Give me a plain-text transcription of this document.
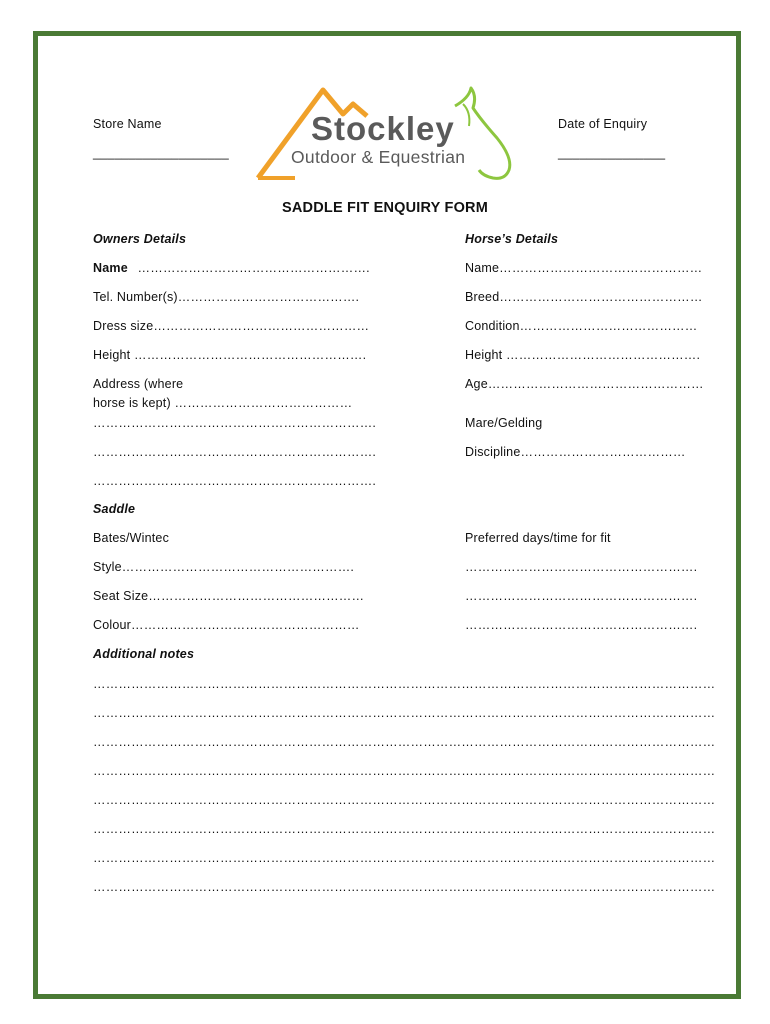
Store Name
___________________
Date of Enquiry
_______________
Stockley
Outdoor & Equestrian
SADDLE FIT ENQUIRY FORM
Owners Details
Name ……………………………………………….
Tel. Number(s)…………………………………….
Dress size……………………………………………
Height ……………………………………………….
Address (where
horse is kept) ……………………………………
………………………………………………………….
………………………………………………………….
………………………………………………………….
Horse’s Details
Name…………………………………………
Breed…………………………………………
Condition……………………………………
Height ……………………………………….
Age……………………………………………
Mare/Gelding
Discipline…………………………………
Saddle
Bates/Wintec
Style……………………………………………….
Seat Size……………………………………………
Colour………………………………………………
Preferred days/time for fit
……………………………………………….
……………………………………………….
……………………………………………….
Additional notes
…………………………………………………………………………………………………………………………………
…………………………………………………………………………………………………………………………………
…………………………………………………………………………………………………………………………………
…………………………………………………………………………………………………………………………………
…………………………………………………………………………………………………………………………………
…………………………………………………………………………………………………………………………………
…………………………………………………………………………………………………………………………………
…………………………………………………………………………………………………………………………………
